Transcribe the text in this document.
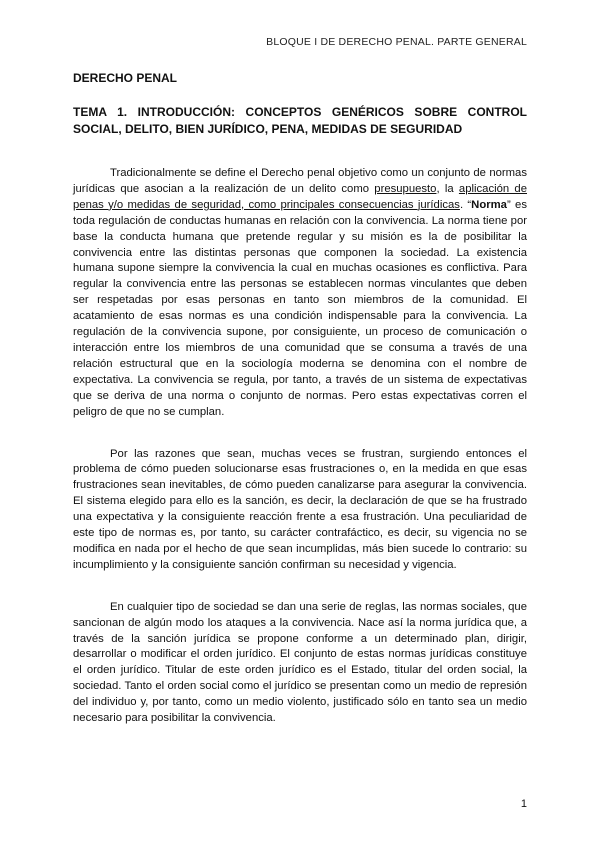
BLOQUE I DE DERECHO PENAL. PARTE GENERAL
DERECHO PENAL
TEMA 1. INTRODUCCIÓN: CONCEPTOS GENÉRICOS SOBRE CONTROL SOCIAL, DELITO, BIEN JURÍDICO, PENA, MEDIDAS DE SEGURIDAD

Tradicionalmente se define el Derecho penal objetivo como un conjunto de normas jurídicas que asocian a la realización de un delito como presupuesto, la aplicación de penas y/o medidas de seguridad, como principales consecuencias jurídicas. “Norma” es toda regulación de conductas humanas en relación con la convivencia. La norma tiene por base la conducta humana que pretende regular y su misión es la de posibilitar la convivencia entre las distintas personas que componen la sociedad. La existencia humana supone siempre la convivencia la cual en muchas ocasiones es conflictiva. Para regular la convivencia entre las personas se establecen normas vinculantes que deben ser respetadas por esas personas en tanto son miembros de la comunidad. El acatamiento de esas normas es una condición indispensable para la convivencia. La regulación de la convivencia supone, por consiguiente, un proceso de comunicación o interacción entre los miembros de una comunidad que se consuma a través de una relación estructural que en la sociología moderna se denomina con el nombre de expectativa. La convivencia se regula, por tanto, a través de un sistema de expectativas que se deriva de una norma o conjunto de normas. Pero estas expectativas corren el peligro de que no se cumplan.

Por las razones que sean, muchas veces se frustran, surgiendo entonces el problema de cómo pueden solucionarse esas frustraciones o, en la medida en que esas frustraciones sean inevitables, de cómo pueden canalizarse para asegurar la convivencia. El sistema elegido para ello es la sanción, es decir, la declaración de que se ha frustrado una expectativa y la consiguiente reacción frente a esa frustración. Una peculiaridad de este tipo de normas es, por tanto, su carácter contrafáctico, es decir, su vigencia no se modifica en nada por el hecho de que sean incumplidas, más bien sucede lo contrario: su incumplimiento y la consiguiente sanción confirman su necesidad y vigencia.

En cualquier tipo de sociedad se dan una serie de reglas, las normas sociales, que sancionan de algún modo los ataques a la convivencia. Nace así la norma jurídica que, a través de la sanción jurídica se propone conforme a un determinado plan, dirigir, desarrollar o modificar el orden jurídico. El conjunto de estas normas jurídicas constituye el orden jurídico. Titular de este orden jurídico es el Estado, titular del orden social, la sociedad. Tanto el orden social como el jurídico se presentan como un medio de represión del individuo y, por tanto, como un medio violento, justificado sólo en tanto sea un medio necesario para posibilitar la convivencia.

1
